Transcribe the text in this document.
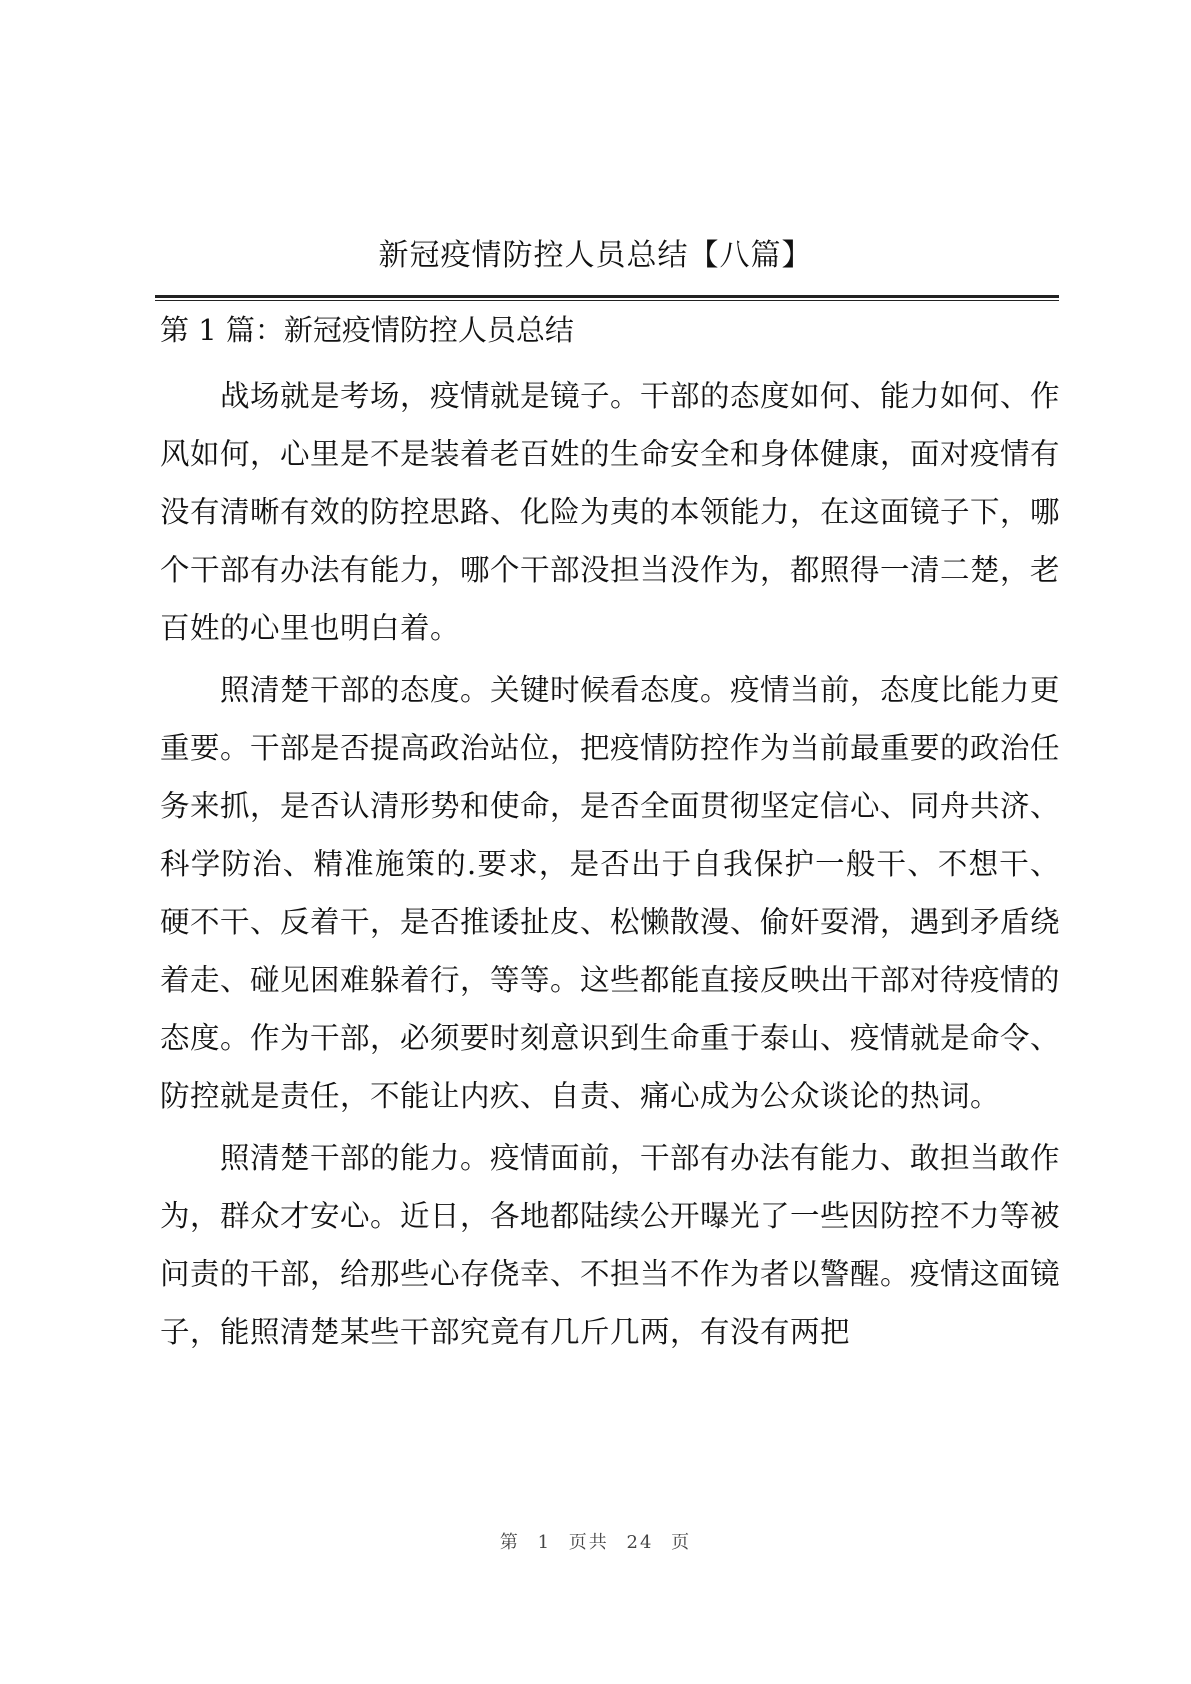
新冠疫情防控人员总结【八篇】
第 1 篇：新冠疫情防控人员总结

战场就是考场，疫情就是镜子。干部的态度如何、能力如何、作风如何，心里是不是装着老百姓的生命安全和身体健康，面对疫情有没有清晰有效的防控思路、化险为夷的本领能力，在这面镜子下，哪个干部有办法有能力，哪个干部没担当没作为，都照得一清二楚，老百姓的心里也明白着。

照清楚干部的态度。关键时候看态度。疫情当前，态度比能力更重要。干部是否提高政治站位，把疫情防控作为当前最重要的政治任务来抓，是否认清形势和使命，是否全面贯彻坚定信心、同舟共济、科学防治、精准施策的.要求，是否出于自我保护一般干、不想干、硬不干、反着干，是否推诿扯皮、松懒散漫、偷奸耍滑，遇到矛盾绕着走、碰见困难躲着行，等等。这些都能直接反映出干部对待疫情的态度。作为干部，必须要时刻意识到生命重于泰山、疫情就是命令、防控就是责任，不能让内疚、自责、痛心成为公众谈论的热词。

照清楚干部的能力。疫情面前，干部有办法有能力、敢担当敢作为，群众才安心。近日，各地都陆续公开曝光了一些因防控不力等被问责的干部，给那些心存侥幸、不担当不作为者以警醒。疫情这面镜子，能照清楚某些干部究竟有几斤几两，有没有两把

第 1 页共 24 页
